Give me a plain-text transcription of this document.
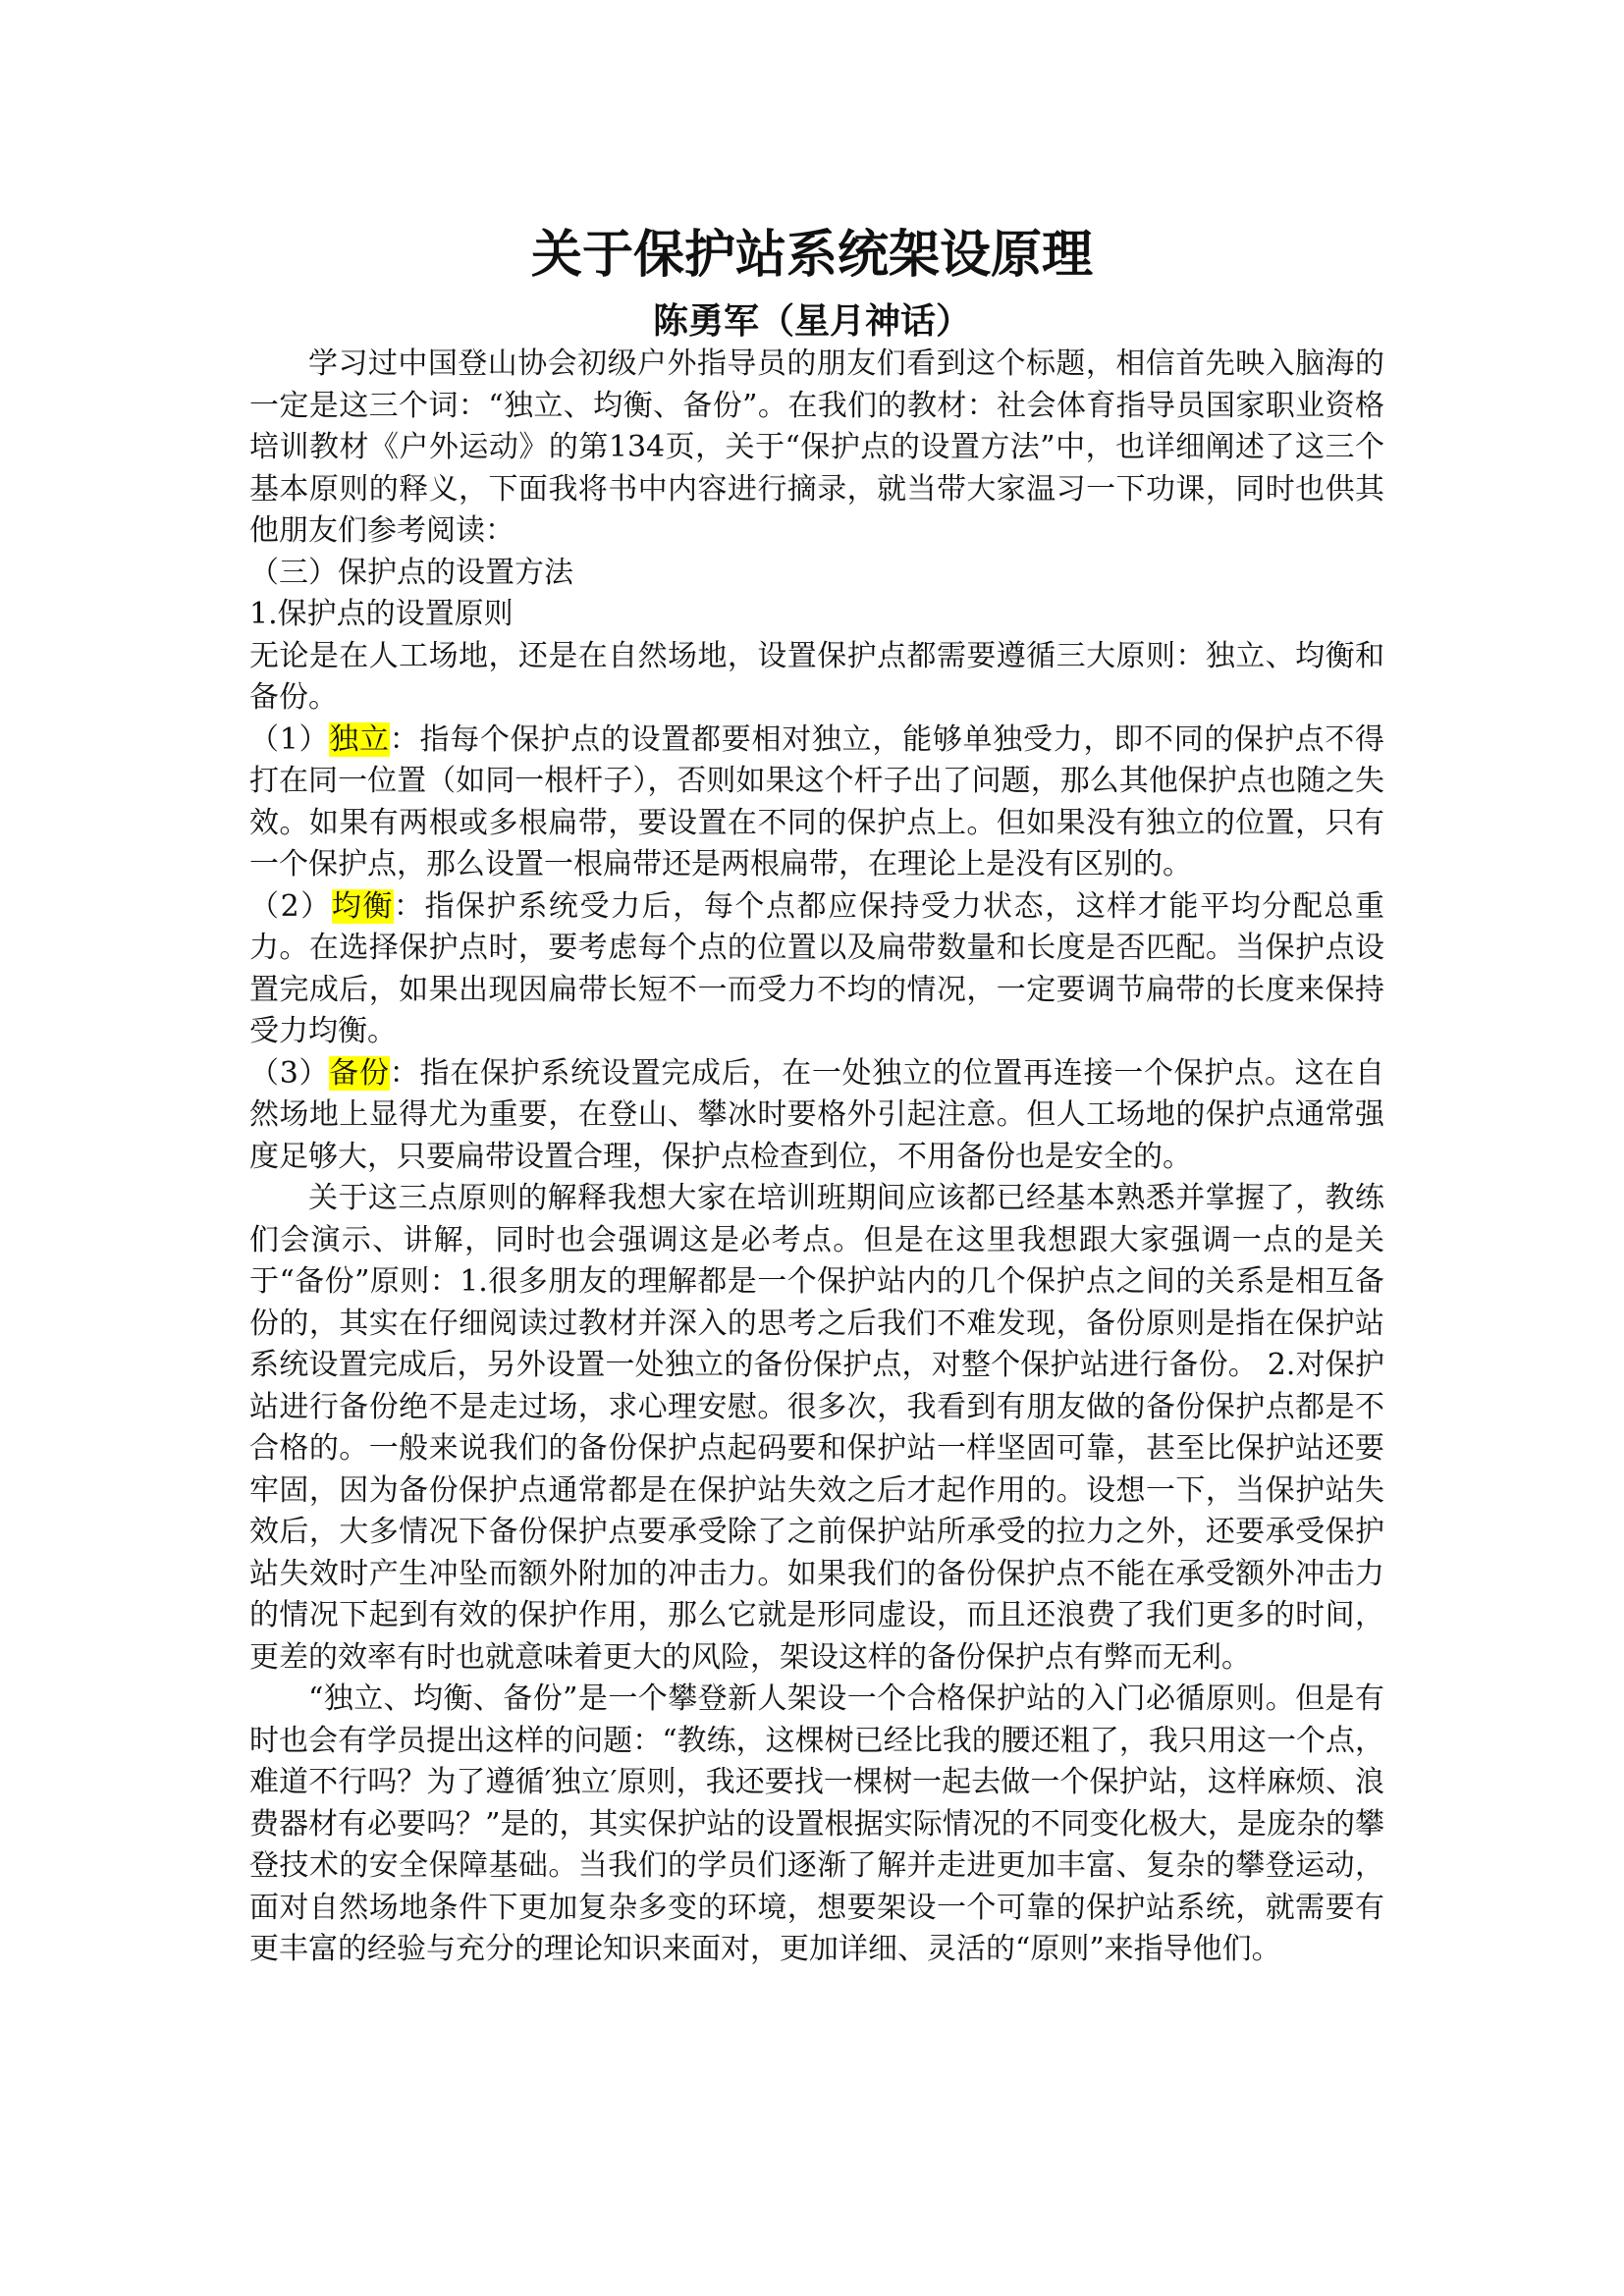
关于保护站系统架设原理
陈勇军（星月神话）

学习过中国登山协会初级户外指导员的朋友们看到这个标题，相信首先映入脑海的一定是这三个词：“独立、均衡、备份”。在我们的教材：社会体育指导员国家职业资格培训教材《户外运动》的第134页，关于“保护点的设置方法”中，也详细阐述了这三个基本原则的释义，下面我将书中内容进行摘录，就当带大家温习一下功课，同时也供其他朋友们参考阅读：

（三）保护点的设置方法

1.保护点的设置原则

无论是在人工场地，还是在自然场地，设置保护点都需要遵循三大原则：独立、均衡和备份。

（1）独立：指每个保护点的设置都要相对独立，能够单独受力，即不同的保护点不得打在同一位置（如同一根杆子），否则如果这个杆子出了问题，那么其他保护点也随之失效。如果有两根或多根扁带，要设置在不同的保护点上。但如果没有独立的位置，只有一个保护点，那么设置一根扁带还是两根扁带，在理论上是没有区别的。

（2）均衡：指保护系统受力后，每个点都应保持受力状态，这样才能平均分配总重力。在选择保护点时，要考虑每个点的位置以及扁带数量和长度是否匹配。当保护点设置完成后，如果出现因扁带长短不一而受力不均的情况，一定要调节扁带的长度来保持受力均衡。

（3）备份：指在保护系统设置完成后，在一处独立的位置再连接一个保护点。这在自然场地上显得尤为重要，在登山、攀冰时要格外引起注意。但人工场地的保护点通常强度足够大，只要扁带设置合理，保护点检查到位，不用备份也是安全的。

关于这三点原则的解释我想大家在培训班期间应该都已经基本熟悉并掌握了，教练们会演示、讲解，同时也会强调这是必考点。但是在这里我想跟大家强调一点的是关于“备份”原则：1.很多朋友的理解都是一个保护站内的几个保护点之间的关系是相互备份的，其实在仔细阅读过教材并深入的思考之后我们不难发现，备份原则是指在保护站系统设置完成后，另外设置一处独立的备份保护点，对整个保护站进行备份。 2.对保护站进行备份绝不是走过场，求心理安慰。很多次，我看到有朋友做的备份保护点都是不合格的。一般来说我们的备份保护点起码要和保护站一样坚固可靠，甚至比保护站还要牢固，因为备份保护点通常都是在保护站失效之后才起作用的。设想一下，当保护站失效后，大多情况下备份保护点要承受除了之前保护站所承受的拉力之外，还要承受保护站失效时产生冲坠而额外附加的冲击力。如果我们的备份保护点不能在承受额外冲击力的情况下起到有效的保护作用，那么它就是形同虚设，而且还浪费了我们更多的时间，更差的效率有时也就意味着更大的风险，架设这样的备份保护点有弊而无利。

“独立、均衡、备份”是一个攀登新人架设一个合格保护站的入门必循原则。但是有时也会有学员提出这样的问题：“教练，这棵树已经比我的腰还粗了，我只用这一个点，难道不行吗？为了遵循′独立′原则，我还要找一棵树一起去做一个保护站，这样麻烦、浪费器材有必要吗？”是的，其实保护站的设置根据实际情况的不同变化极大，是庞杂的攀登技术的安全保障基础。当我们的学员们逐渐了解并走进更加丰富、复杂的攀登运动，面对自然场地条件下更加复杂多变的环境，想要架设一个可靠的保护站系统，就需要有更丰富的经验与充分的理论知识来面对，更加详细、灵活的“原则”来指导他们。
